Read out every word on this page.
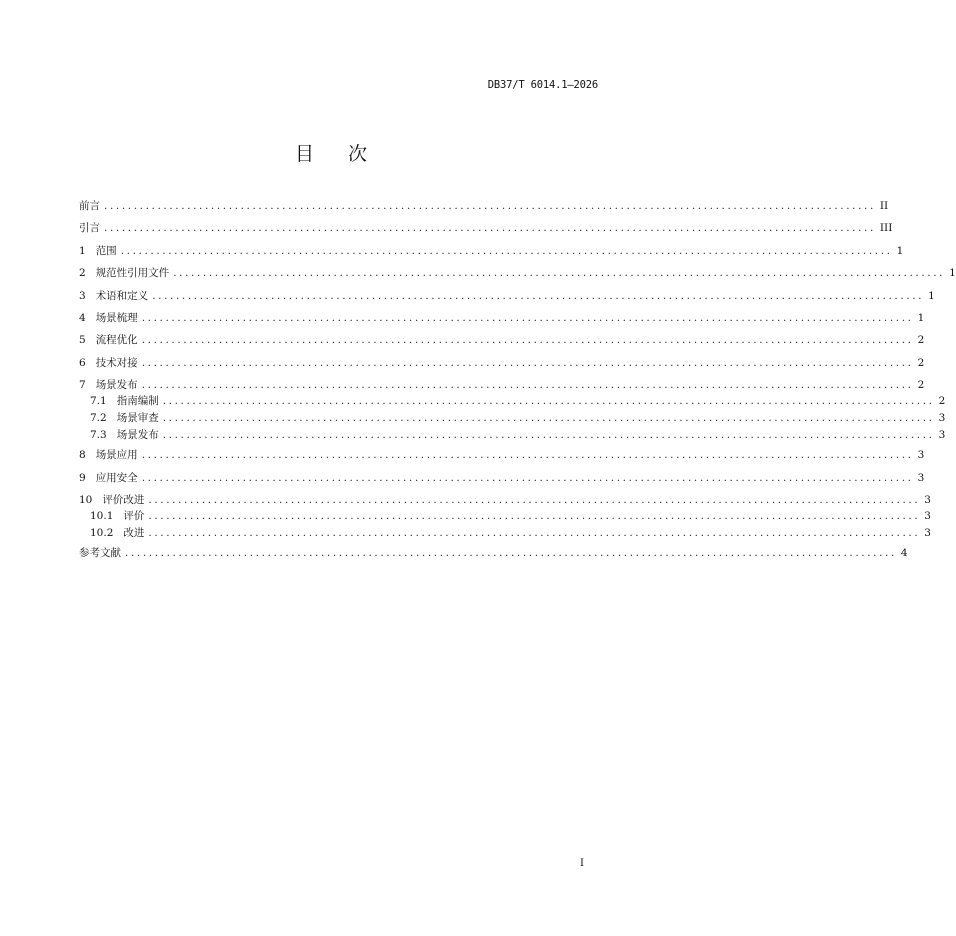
DB37/T 6014.1—2026
目 次
前言 .................................................................................................................................. II
引言 .................................................................................................................................. III
1 范围 .................................................................................................................................. 1
2 规范性引用文件 .................................................................................................................................. 1
3 术语和定义 .................................................................................................................................. 1
4 场景梳理 .................................................................................................................................. 1
5 流程优化 .................................................................................................................................. 2
6 技术对接 .................................................................................................................................. 2
7 场景发布 .................................................................................................................................. 2
7.1 指南编制 .................................................................................................................................. 2
7.2 场景审查 .................................................................................................................................. 3
7.3 场景发布 .................................................................................................................................. 3
8 场景应用 .................................................................................................................................. 3
9 应用安全 .................................................................................................................................. 3
10 评价改进 .................................................................................................................................. 3
10.1 评价 .................................................................................................................................. 3
10.2 改进 .................................................................................................................................. 3
参考文献 .................................................................................................................................. 4
I
